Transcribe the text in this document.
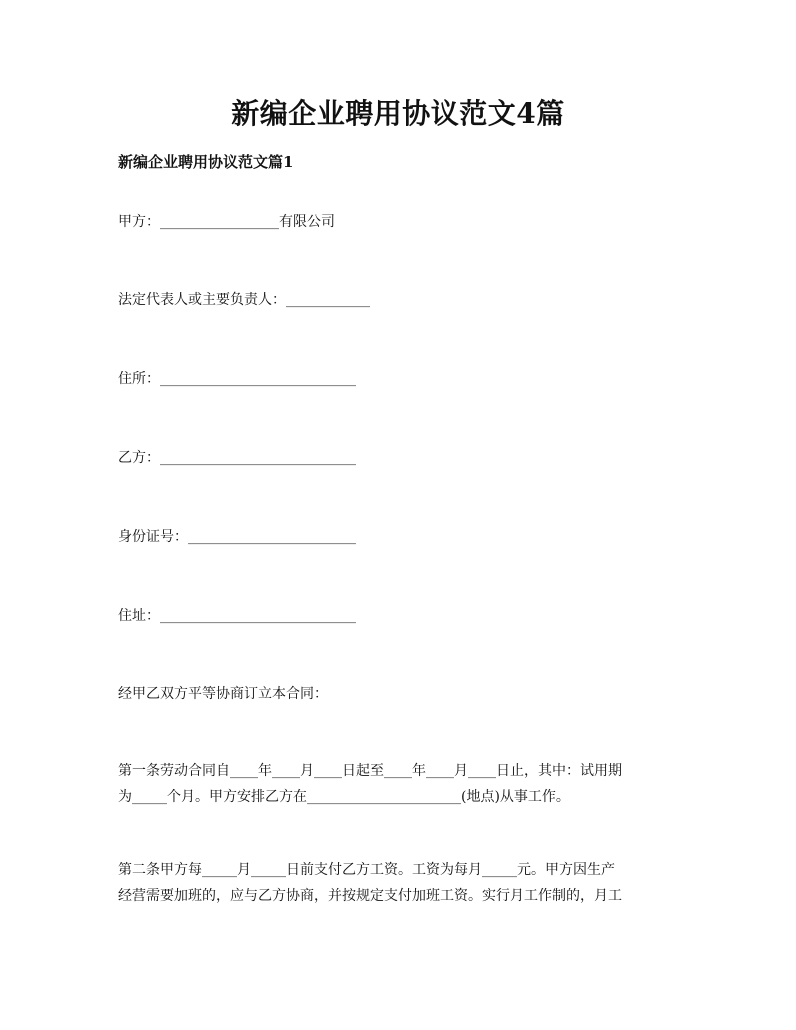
新编企业聘用协议范文4篇

新编企业聘用协议范文篇1

甲方：_________________有限公司

法定代表人或主要负责人：____________

住所：____________________________

乙方：____________________________

身份证号：________________________

住址：____________________________

经甲乙双方平等协商订立本合同：

第一条劳动合同自____年____月____日起至____年____月____日止，其中：试用期
为_____个月。甲方安排乙方在______________________(地点)从事工作。
第二条甲方每_____月_____日前支付乙方工资。工资为每月_____元。甲方因生产
经营需要加班的，应与乙方协商，并按规定支付加班工资。实行月工作制的，月工
